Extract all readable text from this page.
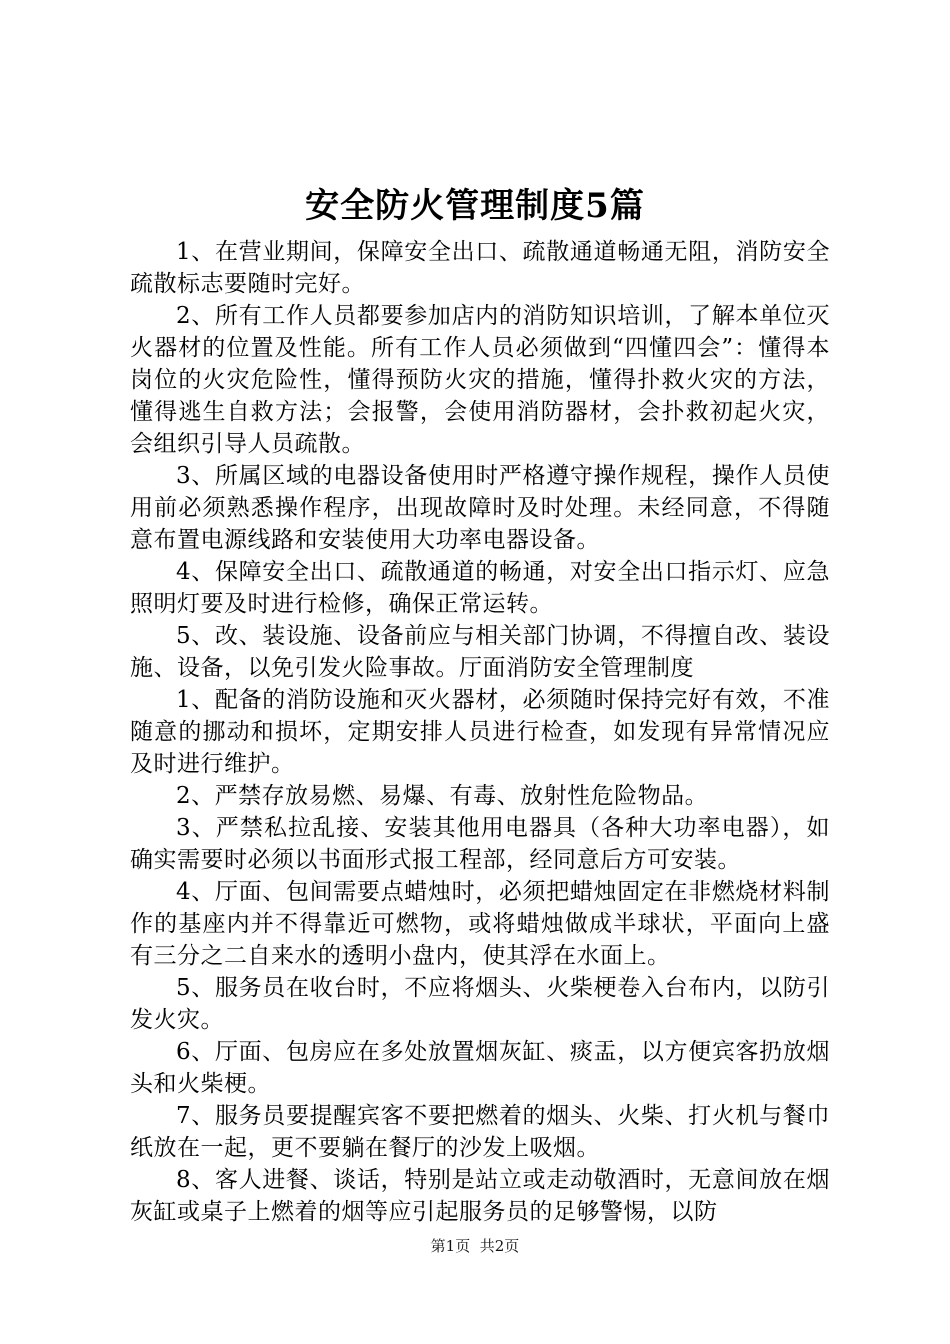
安全防火管理制度5篇

1、在营业期间，保障安全出口、疏散通道畅通无阻，消防安全疏散标志要随时完好。

2、所有工作人员都要参加店内的消防知识培训，了解本单位灭火器材的位置及性能。所有工作人员必须做到“四懂四会”：懂得本岗位的火灾危险性，懂得预防火灾的措施，懂得扑救火灾的方法，懂得逃生自救方法；会报警，会使用消防器材，会扑救初起火灾，会组织引导人员疏散。

3、所属区域的电器设备使用时严格遵守操作规程，操作人员使用前必须熟悉操作程序，出现故障时及时处理。未经同意，不得随意布置电源线路和安装使用大功率电器设备。

4、保障安全出口、疏散通道的畅通，对安全出口指示灯、应急照明灯要及时进行检修，确保正常运转。

5、改、装设施、设备前应与相关部门协调，不得擅自改、装设施、设备，以免引发火险事故。厅面消防安全管理制度

1、配备的消防设施和灭火器材，必须随时保持完好有效，不准随意的挪动和损坏，定期安排人员进行检查，如发现有异常情况应及时进行维护。

2、严禁存放易燃、易爆、有毒、放射性危险物品。

3、严禁私拉乱接、安装其他用电器具（各种大功率电器），如确实需要时必须以书面形式报工程部，经同意后方可安装。

4、厅面、包间需要点蜡烛时，必须把蜡烛固定在非燃烧材料制作的基座内并不得靠近可燃物，或将蜡烛做成半球状，平面向上盛有三分之二自来水的透明小盘内，使其浮在水面上。

5、服务员在收台时，不应将烟头、火柴梗卷入台布内，以防引发火灾。

6、厅面、包房应在多处放置烟灰缸、痰盂，以方便宾客扔放烟头和火柴梗。

7、服务员要提醒宾客不要把燃着的烟头、火柴、打火机与餐巾纸放在一起，更不要躺在餐厅的沙发上吸烟。

8、客人进餐、谈话，特别是站立或走动敬酒时，无意间放在烟灰缸或桌子上燃着的烟等应引起服务员的足够警惕，以防

第1页 共2页
